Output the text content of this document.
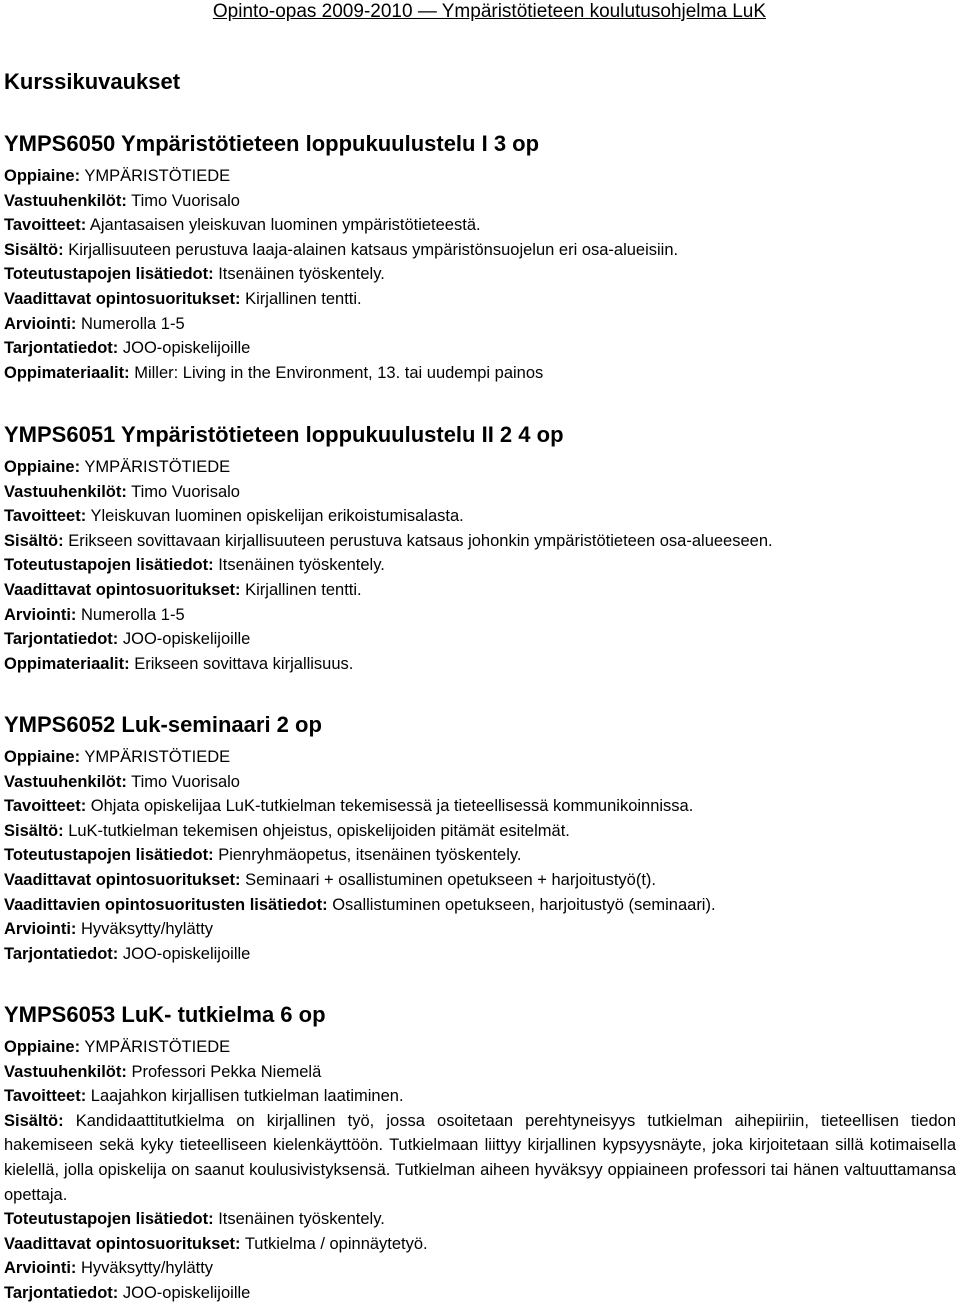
Opinto-opas 2009-2010 — Ympäristötieteen koulutusohjelma LuK
Kurssikuvaukset
YMPS6050 Ympäristötieteen loppukuulustelu I 3 op
Oppiaine: YMPÄRISTÖTIEDE
Vastuuhenkilöt: Timo Vuorisalo
Tavoitteet: Ajantasaisen yleiskuvan luominen ympäristötieteestä.
Sisältö: Kirjallisuuteen perustuva laaja-alainen katsaus ympäristönsuojelun eri osa-alueisiin.
Toteutustapojen lisätiedot: Itsenäinen työskentely.
Vaadittavat opintosuoritukset: Kirjallinen tentti.
Arviointi: Numerolla 1-5
Tarjontatiedot: JOO-opiskelijoille
Oppimateriaalit: Miller: Living in the Environment, 13. tai uudempi painos
YMPS6051 Ympäristötieteen loppukuulustelu II 2 4 op
Oppiaine: YMPÄRISTÖTIEDE
Vastuuhenkilöt: Timo Vuorisalo
Tavoitteet: Yleiskuvan luominen opiskelijan erikoistumisalasta.
Sisältö: Erikseen sovittavaan kirjallisuuteen perustuva katsaus johonkin ympäristötieteen osa-alueeseen.
Toteutustapojen lisätiedot: Itsenäinen työskentely.
Vaadittavat opintosuoritukset: Kirjallinen tentti.
Arviointi: Numerolla 1-5
Tarjontatiedot: JOO-opiskelijoille
Oppimateriaalit: Erikseen sovittava kirjallisuus.
YMPS6052 Luk-seminaari 2 op
Oppiaine: YMPÄRISTÖTIEDE
Vastuuhenkilöt: Timo Vuorisalo
Tavoitteet: Ohjata opiskelijaa LuK-tutkielman tekemisessä ja tieteellisessä kommunikoinnissa.
Sisältö: LuK-tutkielman tekemisen ohjeistus, opiskelijoiden pitämät esitelmät.
Toteutustapojen lisätiedot: Pienryhmäopetus, itsenäinen työskentely.
Vaadittavat opintosuoritukset: Seminaari + osallistuminen opetukseen + harjoitustyö(t).
Vaadittavien opintosuoritusten lisätiedot: Osallistuminen opetukseen, harjoitustyö (seminaari).
Arviointi: Hyväksytty/hylätty
Tarjontatiedot: JOO-opiskelijoille
YMPS6053 LuK- tutkielma 6 op
Oppiaine: YMPÄRISTÖTIEDE
Vastuuhenkilöt: Professori Pekka Niemelä
Tavoitteet: Laajahkon kirjallisen tutkielman laatiminen.
Sisältö: Kandidaattitutkielma on kirjallinen työ, jossa osoitetaan perehtyneisyys tutkielman aihepiiriin, tieteellisen tiedon hakemiseen sekä kyky tieteelliseen kielenkäyttöön. Tutkielmaan liittyy kirjallinen kypsyysnäyte, joka kirjoitetaan sillä kotimaisella kielellä, jolla opiskelija on saanut koulusivistyksensä. Tutkielman aiheen hyväksyy oppiaineen professori tai hänen valtuuttamansa opettaja.
Toteutustapojen lisätiedot: Itsenäinen työskentely.
Vaadittavat opintosuoritukset: Tutkielma / opinnäytetyö.
Arviointi: Hyväksytty/hylätty
Tarjontatiedot: JOO-opiskelijoille
